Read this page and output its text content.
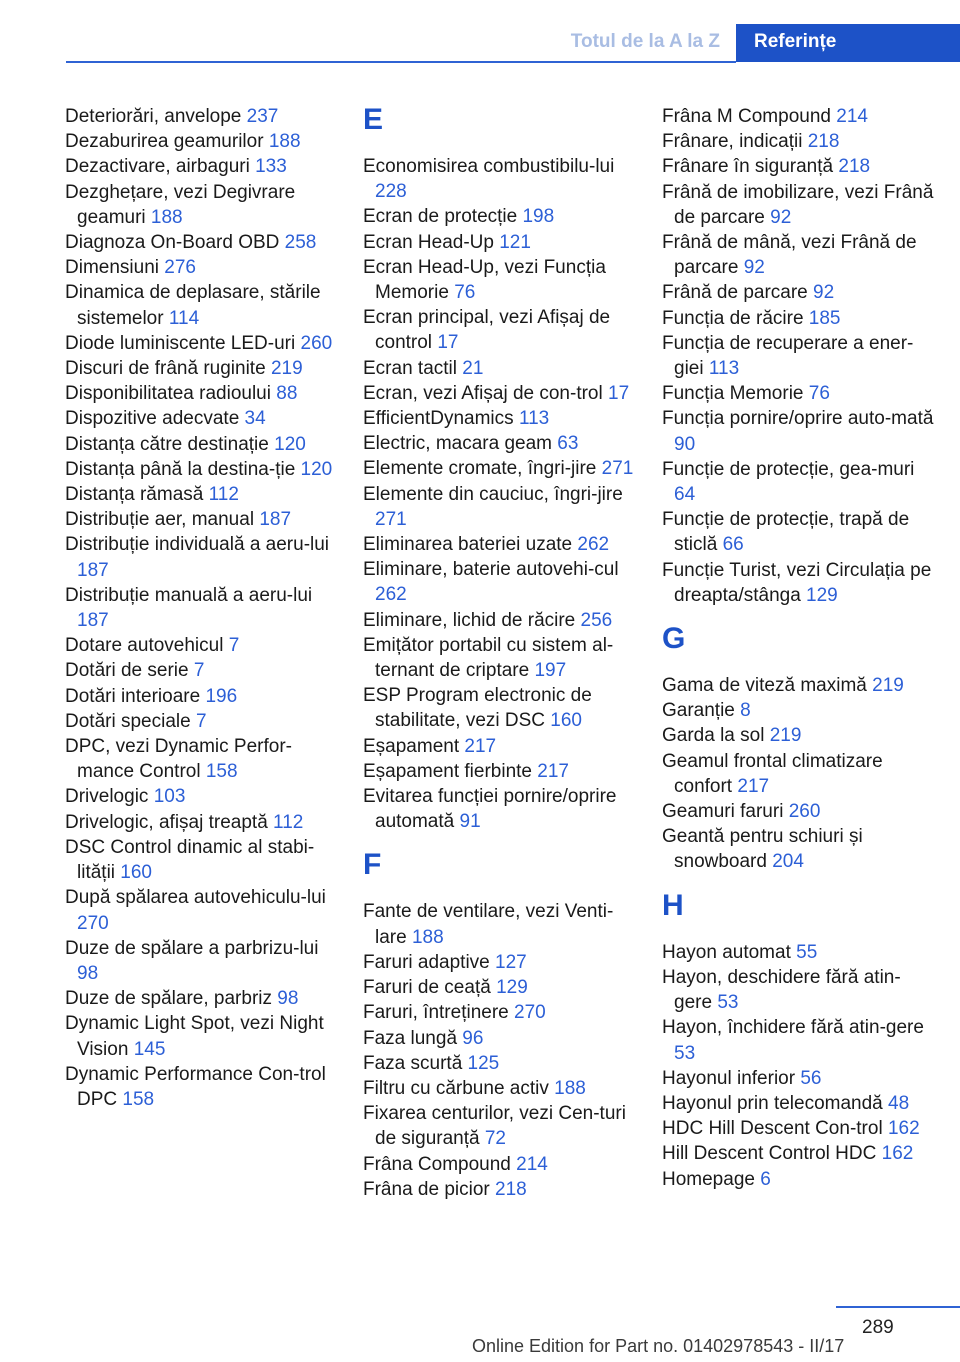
Totul de la A la Z	Referințe

Deteriorări, anvelope 237

Dezaburirea geamurilor 188

Dezactivare, airbaguri 133

Dezghețare, vezi Degivrare geamuri 188

Diagnoza On-Board OBD 258

Dimensiuni 276

Dinamica de deplasare, stările sistemelor 114

Diode luminiscente LED-uri 260

Discuri de frână ruginite 219

Disponibilitatea radioului 88

Dispozitive adecvate 34

Distanța către destinație 120

Distanța până la destina-ție 120

Distanța rămasă 112

Distribuție aer, manual 187

Distribuție individuală a aeru-lui 187

Distribuție manuală a aeru-lui 187

Dotare autovehicul 7

Dotări de serie 7

Dotări interioare 196

Dotări speciale 7

DPC, vezi Dynamic Perfor-mance Control 158

Drivelogic 103

Drivelogic, afișaj treaptă 112

DSC Control dinamic al stabi-lității 160

După spălarea autovehiculu-lui 270

Duze de spălare a parbrizu-lui 98

Duze de spălare, parbriz 98

Dynamic Light Spot, vezi Night Vision 145

Dynamic Performance Con-trol DPC 158

E

Economisirea combustibilu-lui 228

Ecran de protecție 198

Ecran Head-Up 121

Ecran Head-Up, vezi Funcția Memorie 76

Ecran principal, vezi Afișaj de control 17

Ecran tactil 21

Ecran, vezi Afișaj de con-trol 17

EfficientDynamics 113

Electric, macara geam 63

Elemente cromate, îngri-jire 271

Elemente din cauciuc, îngri-jire 271

Eliminarea bateriei uzate 262

Eliminare, baterie autovehi-cul 262

Eliminare, lichid de răcire 256

Emițător portabil cu sistem al-ternant de criptare 197

ESP Program electronic de stabilitate, vezi DSC 160

Eșapament 217

Eșapament fierbinte 217

Evitarea funcției pornire/oprire automată 91

F

Fante de ventilare, vezi Venti-lare 188

Faruri adaptive 127

Faruri de ceață 129

Faruri, întreținere 270

Faza lungă 96

Faza scurtă 125

Filtru cu cărbune activ 188

Fixarea centurilor, vezi Cen-turi de siguranță 72

Frâna Compound 214

Frâna de picior 218

Frâna M Compound 214

Frânare, indicații 218

Frânare în siguranță 218

Frână de imobilizare, vezi Frână de parcare 92

Frână de mână, vezi Frână de parcare 92

Frână de parcare 92

Funcția de răcire 185

Funcția de recuperare a ener-giei 113

Funcția Memorie 76

Funcția pornire/oprire auto-mată 90

Funcție de protecție, gea-muri 64

Funcție de protecție, trapă de sticlă 66

Funcție Turist, vezi Circulația pe dreapta/stânga 129

G

Gama de viteză maximă 219

Garanție 8

Garda la sol 219

Geamul frontal climatizare confort 217

Geamuri faruri 260

Geantă pentru schiuri și snowboard 204

H

Hayon automat 55

Hayon, deschidere fără atin-gere 53

Hayon, închidere fără atin-gere 53

Hayonul inferior 56

Hayonul prin telecomandă 48

HDC Hill Descent Con-trol 162

Hill Descent Control HDC 162

Homepage 6

289
Online Edition for Part no. 01402978543 - II/17
